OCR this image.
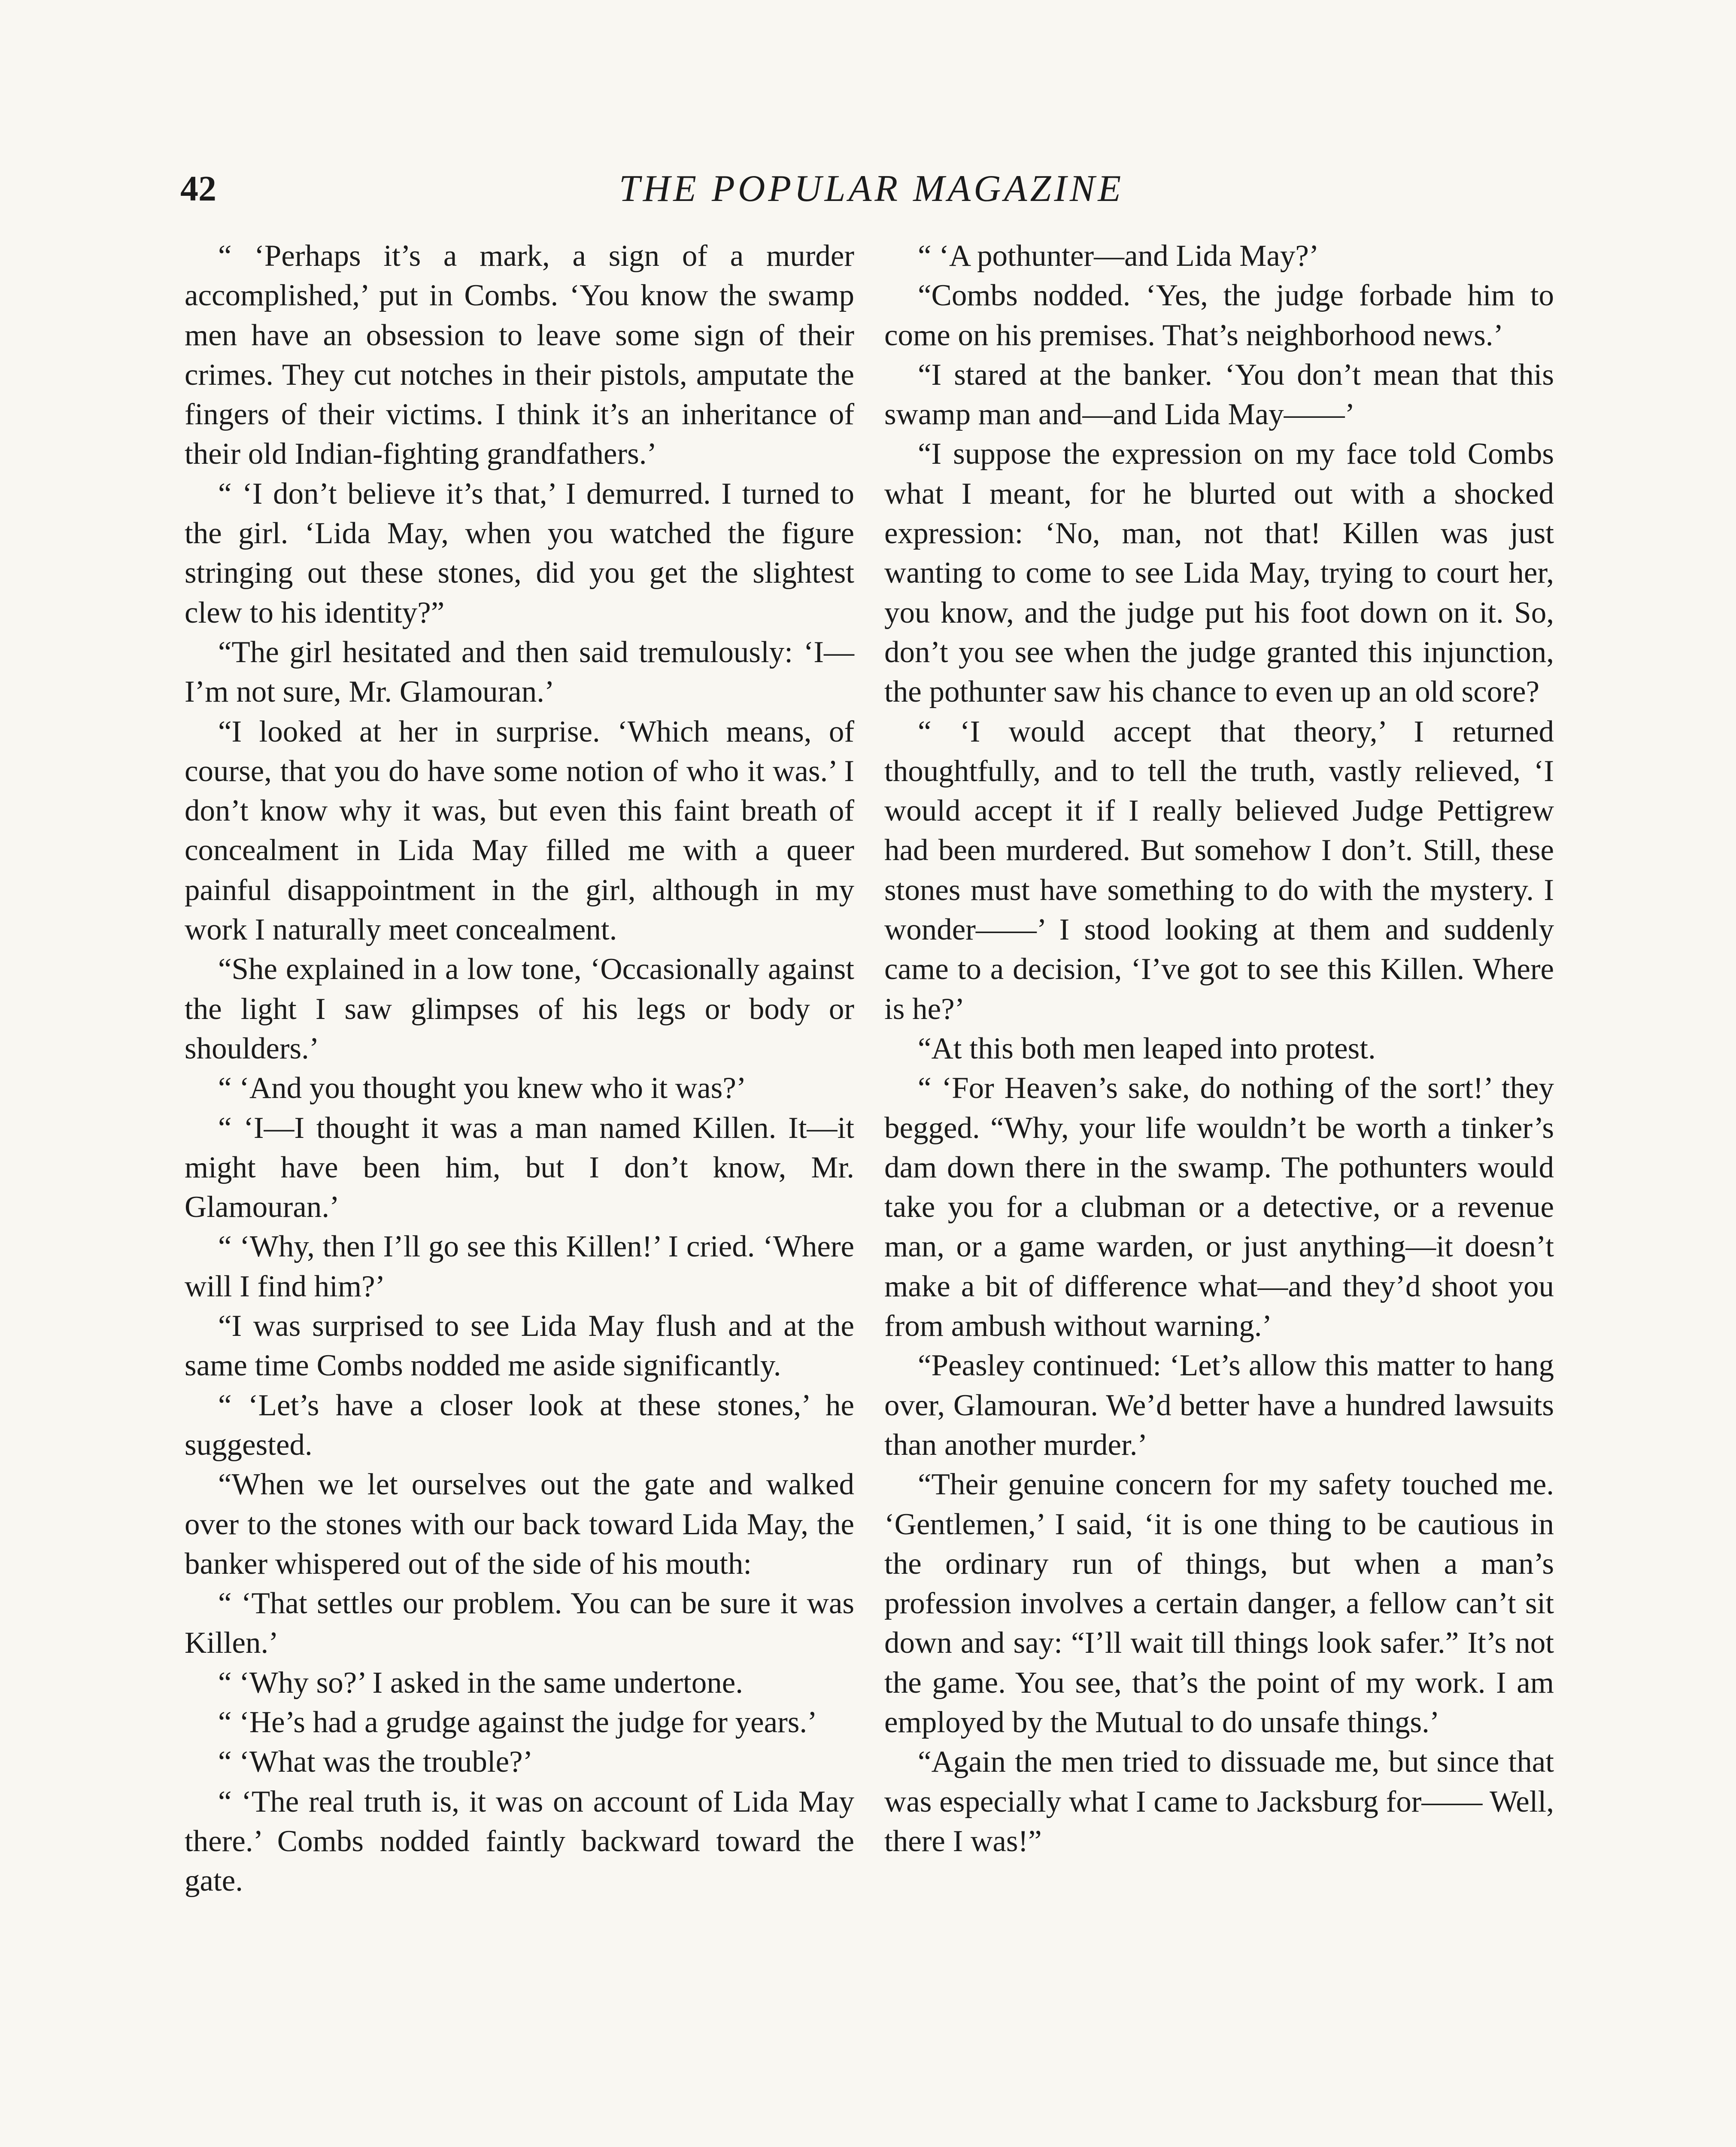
42	THE POPULAR MAGAZINE

“ ‘Perhaps it’s a mark, a sign of a murder accomplished,’ put in Combs. ‘You know the swamp men have an obsession to leave some sign of their crimes. They cut notches in their pistols, amputate the fingers of their victims. I think it’s an inheritance of their old Indian-fighting grandfathers.’

“ ‘I don’t believe it’s that,’ I demurred. I turned to the girl. ‘Lida May, when you watched the figure stringing out these stones, did you get the slightest clew to his identity?”

“The girl hesitated and then said tremulously: ‘I—I’m not sure, Mr. Glamouran.’

“I looked at her in surprise. ‘Which means, of course, that you do have some notion of who it was.’ I don’t know why it was, but even this faint breath of concealment in Lida May filled me with a queer painful disappointment in the girl, although in my work I naturally meet concealment.

“She explained in a low tone, ‘Occasionally against the light I saw glimpses of his legs or body or shoulders.’

“ ‘And you thought you knew who it was?’

“ ‘I—I thought it was a man named Killen. It—it might have been him, but I don’t know, Mr. Glamouran.’

“ ‘Why, then I’ll go see this Killen!’ I cried. ‘Where will I find him?’

“I was surprised to see Lida May flush and at the same time Combs nodded me aside significantly.

“ ‘Let’s have a closer look at these stones,’ he suggested.

“When we let ourselves out the gate and walked over to the stones with our back toward Lida May, the banker whispered out of the side of his mouth:

“ ‘That settles our problem. You can be sure it was Killen.’

“ ‘Why so?’ I asked in the same undertone.

“ ‘He’s had a grudge against the judge for years.’

“ ‘What was the trouble?’

“ ‘The real truth is, it was on account of Lida May there.’ Combs nodded faintly backward toward the gate.

“ ‘A pothunter—and Lida May?’

“Combs nodded. ‘Yes, the judge forbade him to come on his premises. That’s neighborhood news.’

“I stared at the banker. ‘You don’t mean that this swamp man and—and Lida May——’

“I suppose the expression on my face told Combs what I meant, for he blurted out with a shocked expression: ‘No, man, not that! Killen was just wanting to come to see Lida May, trying to court her, you know, and the judge put his foot down on it. So, don’t you see when the judge granted this injunction, the pothunter saw his chance to even up an old score?

“ ‘I would accept that theory,’ I returned thoughtfully, and to tell the truth, vastly relieved, ‘I would accept it if I really believed Judge Pettigrew had been murdered. But somehow I don’t. Still, these stones must have something to do with the mystery. I wonder——’ I stood looking at them and suddenly came to a decision, ‘I’ve got to see this Killen. Where is he?’

“At this both men leaped into protest.

“ ‘For Heaven’s sake, do nothing of the sort!’ they begged. “Why, your life wouldn’t be worth a tinker’s dam down there in the swamp. The pothunters would take you for a clubman or a detective, or a revenue man, or a game warden, or just anything—it doesn’t make a bit of difference what—and they’d shoot you from ambush without warning.’

“Peasley continued: ‘Let’s allow this matter to hang over, Glamouran. We’d better have a hundred lawsuits than another murder.’

“Their genuine concern for my safety touched me. ‘Gentlemen,’ I said, ‘it is one thing to be cautious in the ordinary run of things, but when a man’s profession involves a certain danger, a fellow can’t sit down and say: “I’ll wait till things look safer.” It’s not the game. You see, that’s the point of my work. I am employed by the Mutual to do unsafe things.’

“Again the men tried to dissuade me, but since that was especially what I came to Jacksburg for—— Well, there I was!”
